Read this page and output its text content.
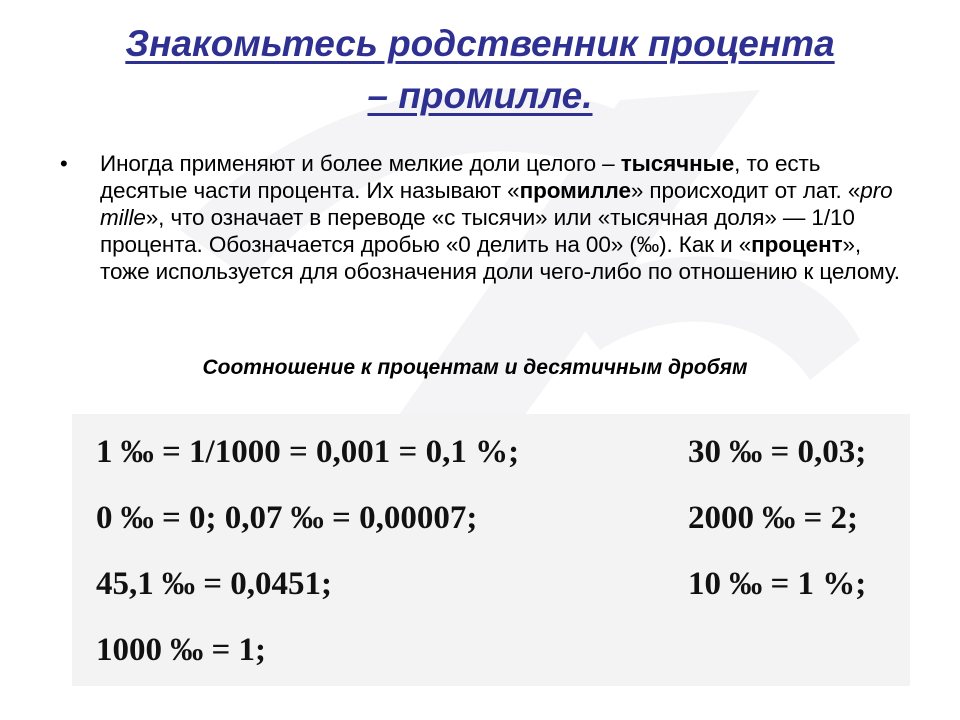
Знакомьтесь родственник процента
– промилле.
•	Иногда применяют и более мелкие доли целого – тысячные, то есть десятые части процента. Их называют «промилле» происходит от лат. «pro mille», что означает в переводе «с тысячи» или «тысячная доля» — 1/10 процента. Обозначается дробью «0 делить на 00» (‰). Как и «процент», тоже используется для обозначения доли чего-либо по отношению к целому.
Соотношение к процентам и десятичным дробям
1 ‰ = 1/1000 = 0,001 = 0,1 %;
0 ‰ = 0; 0,07 ‰ = 0,00007;
45,1 ‰ = 0,0451;
1000 ‰ = 1;
30 ‰ = 0,03;
2000 ‰ = 2;
10 ‰ = 1 %;
